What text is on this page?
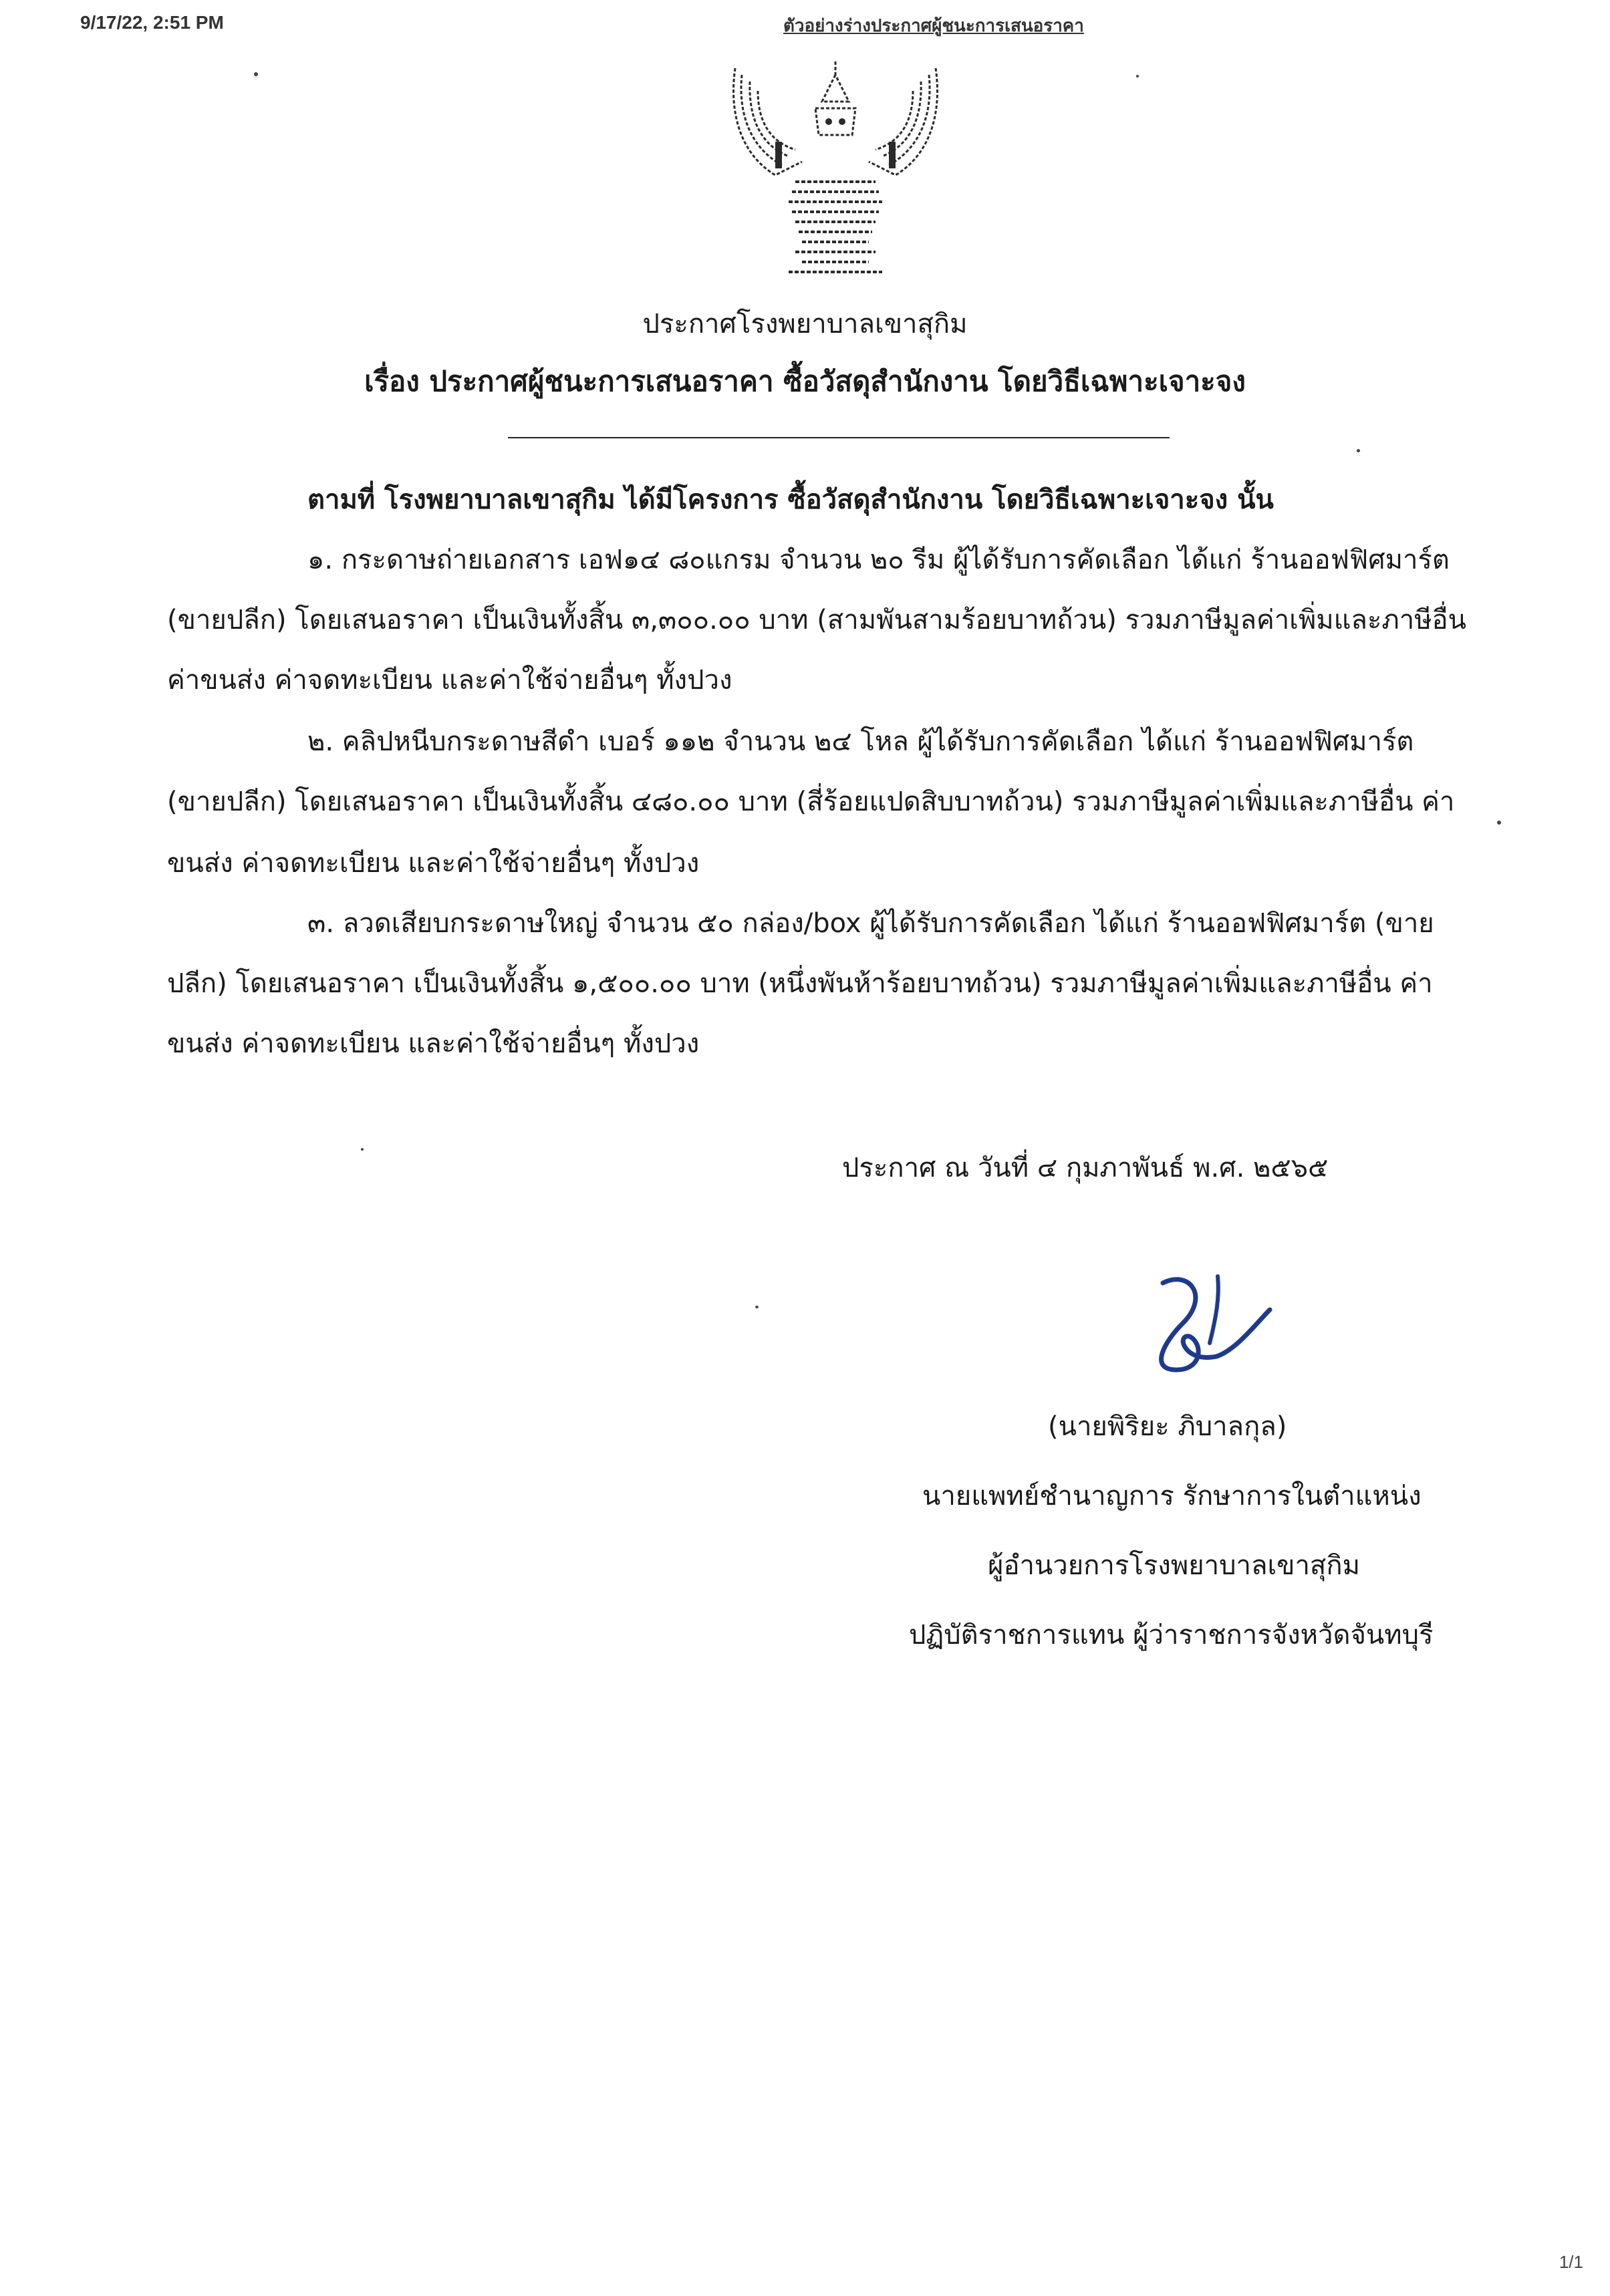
9/17/22, 2:51 PM	ตัวอย่างร่างประกาศผู้ชนะการเสนอราคา
ประกาศโรงพยาบาลเขาสุกิม
เรื่อง ประกาศผู้ชนะการเสนอราคา ซื้อวัสดุสำนักงาน โดยวิธีเฉพาะเจาะจง
ตามที่ โรงพยาบาลเขาสุกิม ได้มีโครงการ ซื้อวัสดุสำนักงาน โดยวิธีเฉพาะเจาะจง นั้น
๑. กระดาษถ่ายเอกสาร เอฟ๑๔ ๘๐แกรม จำนวน ๒๐ รีม ผู้ได้รับการคัดเลือก ได้แก่ ร้านออฟฟิศมาร์ต
(ขายปลีก) โดยเสนอราคา เป็นเงินทั้งสิ้น ๓,๓๐๐.๐๐ บาท (สามพันสามร้อยบาทถ้วน) รวมภาษีมูลค่าเพิ่มและภาษีอื่น
ค่าขนส่ง ค่าจดทะเบียน และค่าใช้จ่ายอื่นๆ ทั้งปวง
๒. คลิปหนีบกระดาษสีดำ เบอร์ ๑๑๒ จำนวน ๒๔ โหล ผู้ได้รับการคัดเลือก ได้แก่ ร้านออฟฟิศมาร์ต
(ขายปลีก) โดยเสนอราคา เป็นเงินทั้งสิ้น ๔๘๐.๐๐ บาท (สี่ร้อยแปดสิบบาทถ้วน) รวมภาษีมูลค่าเพิ่มและภาษีอื่น ค่า
ขนส่ง ค่าจดทะเบียน และค่าใช้จ่ายอื่นๆ ทั้งปวง
๓. ลวดเสียบกระดาษใหญ่ จำนวน ๕๐ กล่อง/box ผู้ได้รับการคัดเลือก ได้แก่ ร้านออฟฟิศมาร์ต (ขาย
ปลีก) โดยเสนอราคา เป็นเงินทั้งสิ้น ๑,๕๐๐.๐๐ บาท (หนึ่งพันห้าร้อยบาทถ้วน) รวมภาษีมูลค่าเพิ่มและภาษีอื่น ค่า
ขนส่ง ค่าจดทะเบียน และค่าใช้จ่ายอื่นๆ ทั้งปวง
ประกาศ ณ วันที่ ๔ กุมภาพันธ์ พ.ศ. ๒๕๖๕
(นายพิริยะ ภิบาลกุล)
นายแพทย์ชำนาญการ รักษาการในตำแหน่ง
ผู้อำนวยการโรงพยาบาลเขาสุกิม
ปฏิบัติราชการแทน ผู้ว่าราชการจังหวัดจันทบุรี
1/1
